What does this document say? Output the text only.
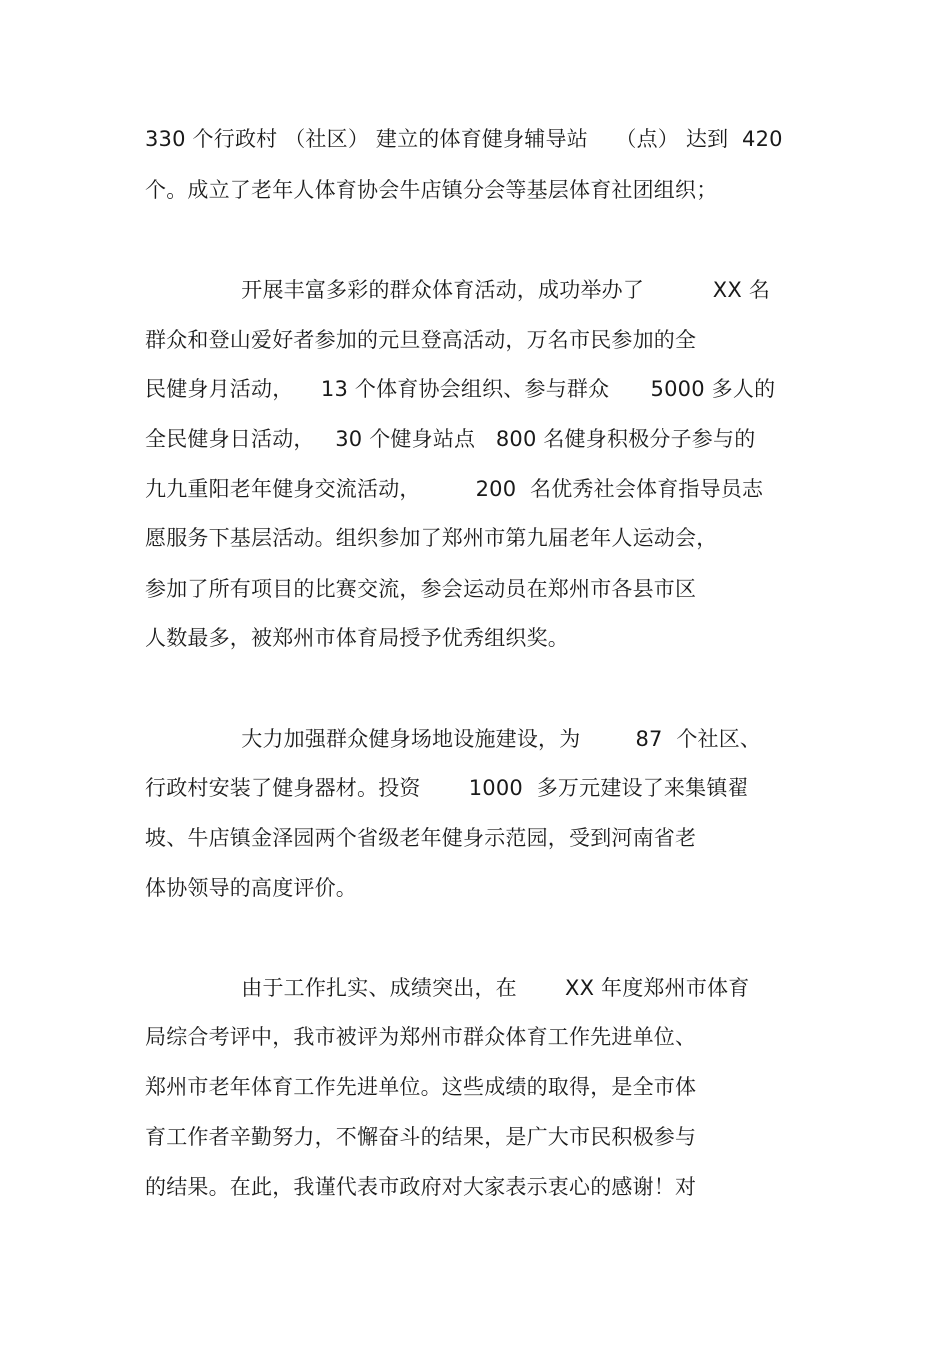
330 个行政村 （社区） 建立的体育健身辅导站    （点） 达到  420
个。成立了老年人体育协会牛店镇分会等基层体育社团组织；
开展丰富多彩的群众体育活动，成功举办了          XX 名
群众和登山爱好者参加的元旦登高活动，万名市民参加的全
民健身月活动，    13 个体育协会组织、参与群众      5000 多人的
全民健身日活动，   30 个健身站点   800 名健身积极分子参与的
九九重阳老年健身交流活动，        200  名优秀社会体育指导员志
愿服务下基层活动。组织参加了郑州市第九届老年人运动会，
参加了所有项目的比赛交流，参会运动员在郑州市各县市区
人数最多，被郑州市体育局授予优秀组织奖。
大力加强群众健身场地设施建设，为        87  个社区、
行政村安装了健身器材。投资       1000  多万元建设了来集镇翟
坡、牛店镇金泽园两个省级老年健身示范园，受到河南省老
体协领导的高度评价。
由于工作扎实、成绩突出，在       XX 年度郑州市体育
局综合考评中，我市被评为郑州市群众体育工作先进单位、
郑州市老年体育工作先进单位。这些成绩的取得，是全市体
育工作者辛勤努力，不懈奋斗的结果，是广大市民积极参与
的结果。在此，我谨代表市政府对大家表示衷心的感谢！对
